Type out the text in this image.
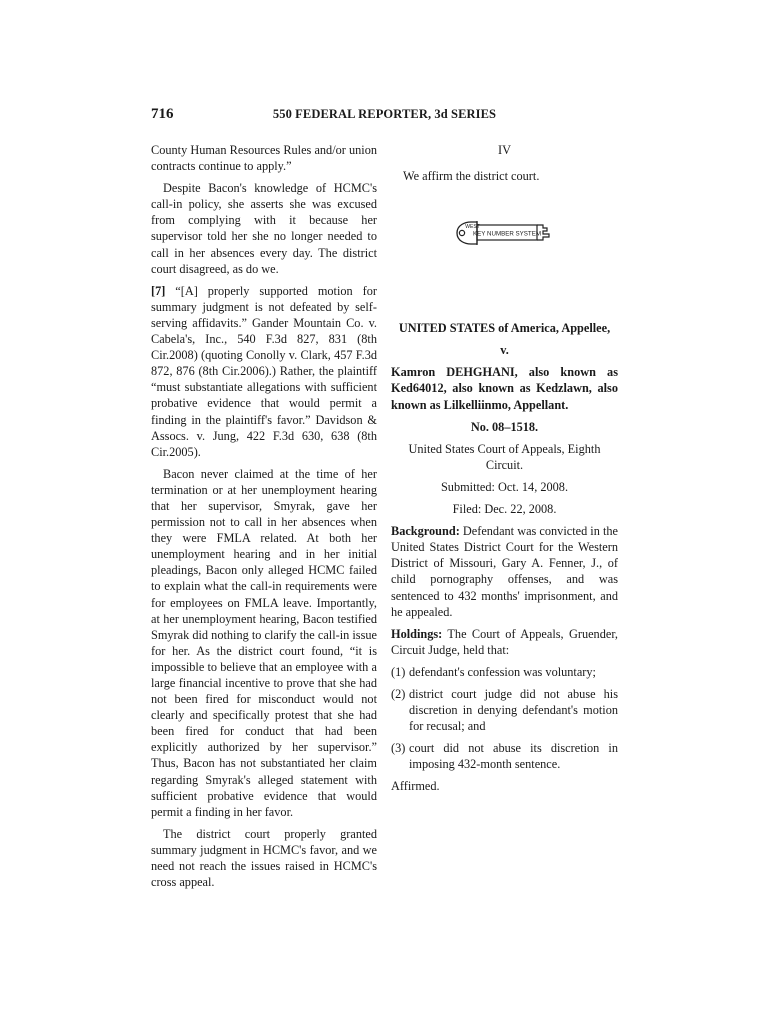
716	550 FEDERAL REPORTER, 3d SERIES

County Human Resources Rules and/or union contracts continue to apply.”

Despite Bacon's knowledge of HCMC's call-in policy, she asserts she was excused from complying with it because her supervisor told her she no longer needed to call in her absences every day. The district court disagreed, as do we.

[7] “[A] properly supported motion for summary judgment is not defeated by self-serving affidavits.” Gander Mountain Co. v. Cabela's, Inc., 540 F.3d 827, 831 (8th Cir.2008) (quoting Conolly v. Clark, 457 F.3d 872, 876 (8th Cir.2006).) Rather, the plaintiff “must substantiate allegations with sufficient probative evidence that would permit a finding in the plaintiff's favor.” Davidson & Assocs. v. Jung, 422 F.3d 630, 638 (8th Cir.2005).

Bacon never claimed at the time of her termination or at her unemployment hearing that her supervisor, Smyrak, gave her permission not to call in her absences when they were FMLA related. At both her unemployment hearing and in her initial pleadings, Bacon only alleged HCMC failed to explain what the call-in requirements were for employees on FMLA leave. Importantly, at her unemployment hearing, Bacon testified Smyrak did nothing to clarify the call-in issue for her. As the district court found, “it is impossible to believe that an employee with a large financial incentive to prove that she had not been fired for misconduct would not clearly and specifically protest that she had been fired for conduct that had been explicitly authorized by her supervisor.” Thus, Bacon has not substantiated her claim regarding Smyrak's alleged statement with sufficient probative evidence that would permit a finding in her favor.

The district court properly granted summary judgment in HCMC's favor, and we need not reach the issues raised in HCMC's cross appeal.

IV

We affirm the district court.

WEST
KEY NUMBER SYSTEM

UNITED STATES of America, Appellee,

v.

Kamron DEHGHANI, also known as Ked64012, also known as Kedzlawn, also known as Lilkelliinmo, Appellant.

No. 08–1518.

United States Court of Appeals, Eighth Circuit.

Submitted: Oct. 14, 2008.

Filed: Dec. 22, 2008.

Background: Defendant was convicted in the United States District Court for the Western District of Missouri, Gary A. Fenner, J., of child pornography offenses, and was sentenced to 432 months' imprisonment, and he appealed.

Holdings: The Court of Appeals, Gruender, Circuit Judge, held that:

(1) defendant's confession was voluntary;

(2) district court judge did not abuse his discretion in denying defendant's motion for recusal; and

(3) court did not abuse its discretion in imposing 432-month sentence.

Affirmed.
